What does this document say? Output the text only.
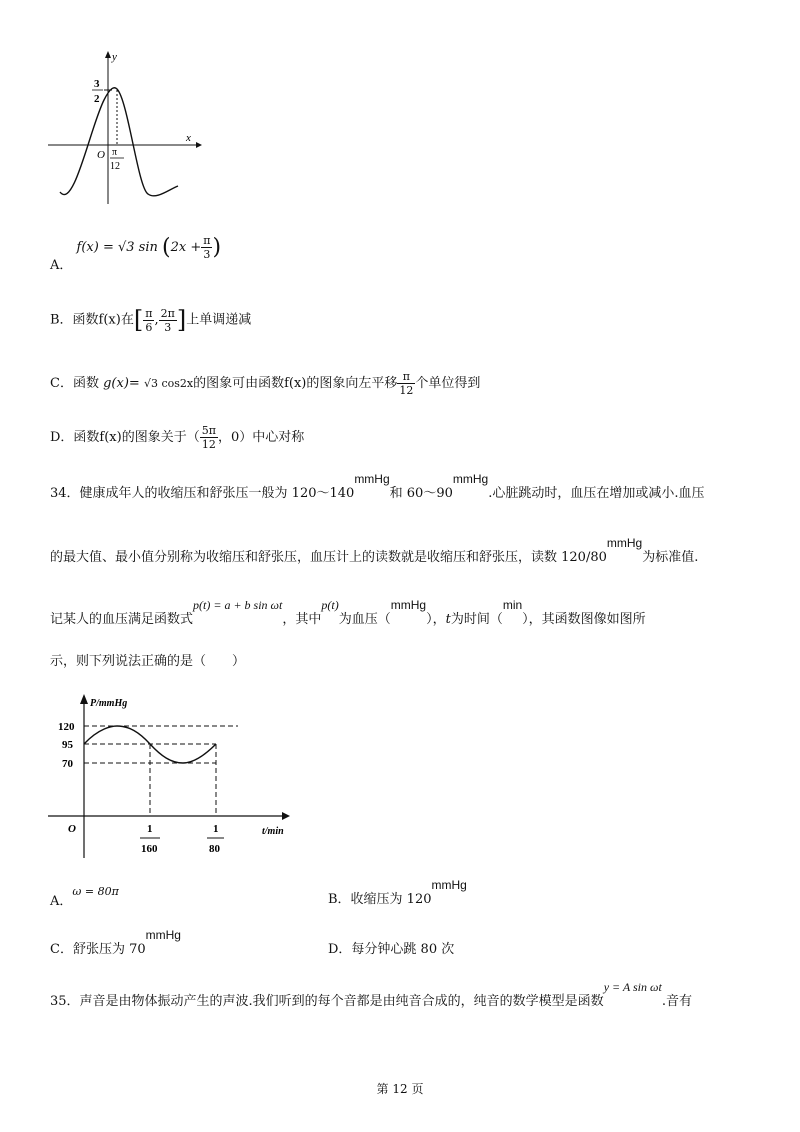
y
x
O
3
2
π
12
A． f(x) = √3 $\sin (2x + \frac{\pi}{3}$ )
B．函数f(x)在[ $\frac{\pi}{6}$ , $\frac{2\pi}{3}$ ]上单调递减
C．函数 g(x)= √3 cos2x的图象可由函数f(x)的图象向左平移 $\frac{\pi}{12}$ 个单位得到
D．函数f(x)的图象关于（ $\frac{5\pi}{12}$ ，0）中心对称
34．健康成年人的收缩压和舒张压一般为 120～140mmHg和 60～90mmHg.心脏跳动时，血压在增加或减小.血压
的最大值、最小值分别称为收缩压和舒张压，血压计上的读数就是收缩压和舒张压，读数 120/80mmHg为标准值.
记某人的血压满足函数式p(t) = a + b sin ωt，其中p(t)为血压（mmHg），t为时间（min），其函数图像如图所
示，则下列说法正确的是（　　）
P/mmHg
t/min
O
120
95
70
1
160
1
80
A．ω = 80π
B．收缩压为 120mmHg
C．舒张压为 70mmHg
D．每分钟心跳 80 次
35．声音是由物体振动产生的声波.我们听到的每个音都是由纯音合成的，纯音的数学模型是函数y = A sin ωt.音有
第 12 页
